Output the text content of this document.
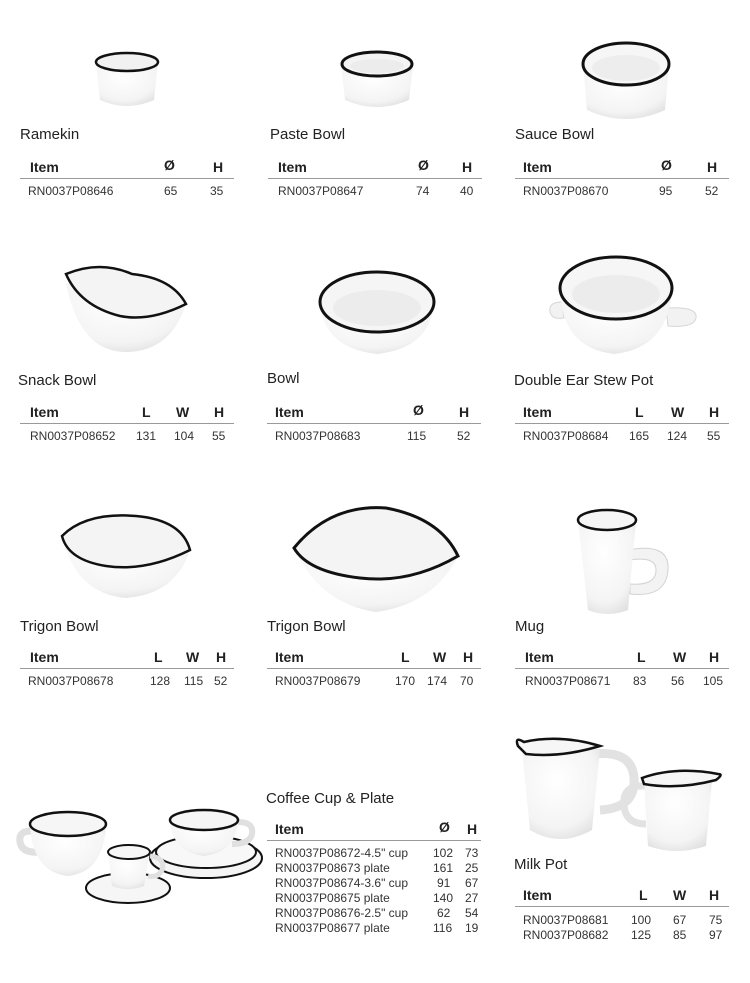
Ramekin	Paste Bowl	Sauce Bowl
Snack Bowl	Bowl	Double Ear Stew Pot
Trigon Bowl	Trigon Bowl	Mug
Coffee Cup & Plate
Milk Pot
Item	Ø	H
RN0037P08646	65	35
Item	Ø H
RN0037P08647	74	40
Item	Ø	H
RN0037P08670	95	52
Item	L W H
RN0037P08652 131 104 55
Item	Ø	H
RN0037P08683	115	52
Item	L W H
RN0037P08684 165 124 55
Item	L W H
RN0037P08678	128 115 52
Item	L W H
RN0037P08679	170 174 70
Item	L W H
RN0037P08671 83 56 105
Item	Ø H
RN0037P08672-4.5" cup 102 73
RN0037P08673 plate	161 25
RN0037P08674-3.6" cup 91 67
RN0037P08675 plate	140 27
RN0037P08676-2.5" cup 62 54
RN0037P08677 plate	116 19
Item	L W H
RN0037P08681 100 67 75
RN0037P08682 125 85 97
